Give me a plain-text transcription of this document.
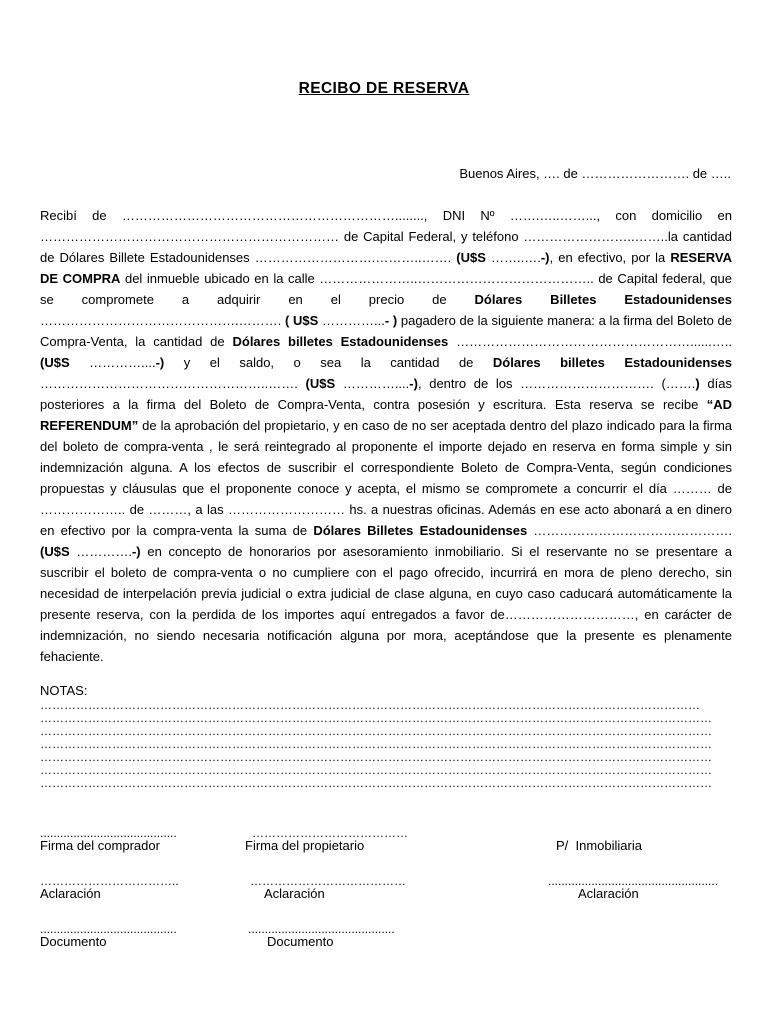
RECIBO DE RESERVA
Buenos Aires, …. de ……………………. de …..

Recibí de ………………………………………………………........, DNI Nº …….…..……..., con domicilio en …………………………………………………………… de Capital Federal, y teléfono ……………………..……..la cantidad de Dólares Billete Estadounidenses ……………………….………..……. (U$S ……..….-), en efectivo, por la RESERVA DE COMPRA del inmueble ubicado en la calle …………………..………………………………….. de Capital federal, que se compromete a adquirir en el precio de Dólares Billetes Estadounidenses ……………………………………….………. ( U$S …………...- ) pagadero de la siguiente manera: a la firma del Boleto de Compra-Venta, la cantidad de Dólares billetes Estadounidenses ………………………………………………......….. (U$S …………....-) y el saldo, o sea la cantidad de Dólares billetes Estadounidenses ……………………………………………..……. (U$S …………....-), dentro de los …………………………. (…….) días posteriores a la firma del Boleto de Compra-Venta, contra posesión y escritura. Esta reserva se recibe “AD REFERENDUM” de la aprobación del propietario, y en caso de no ser aceptada dentro del plazo indicado para la firma del boleto de compra-venta , le será reintegrado al proponente el importe dejado en reserva en forma simple y sin indemnización alguna. A los efectos de suscribir el correspondiente Boleto de Compra-Venta, según condiciones propuestas y cláusulas que el proponente conoce y acepta, el mismo se compromete a concurrir el día ……… de ……………….. de ………, a las ……………………… hs. a nuestras oficinas. Además en ese acto abonará a en dinero en efectivo por la compra-venta la suma de Dólares Billetes Estadounidenses ………………………………………. (U$S ………….-) en concepto de honorarios por asesoramiento inmobiliario. Si el reservante no se presentare a suscribir el boleto de compra-venta o no cumpliere con el pago ofrecido, incurrirá en mora de pleno derecho, sin necesidad de interpelación previa judicial o extra judicial de clase alguna, en cuyo caso caducará automáticamente la presente reserva, con la perdida de los importes aquí entregados a favor de…………………………, en carácter de indemnización, no siendo necesaria notificación alguna por mora, aceptándose que la presente es plenamente fehaciente.

NOTAS:
…………………………………………………………………………………………………………………………………………………
……………………………………………………………………………………………………………………………………………………
……………………………………………………………………………………………………………………………………………………
……………………………………………………………………………………………………………………………………………………
……………………………………………………………………………………………………………………………………………………
……………………………………………………………………………………………………………………………………………………
……………………………………………………………………………………………………………………………………………………
.........................................	…………………………………
Firma del comprador	Firma del propietario	P/  Inmobiliaria
……………………………..	…………………………………	...................................................
Aclaración	Aclaración	Aclaración
.........................................	............................................
Documento	Documento
